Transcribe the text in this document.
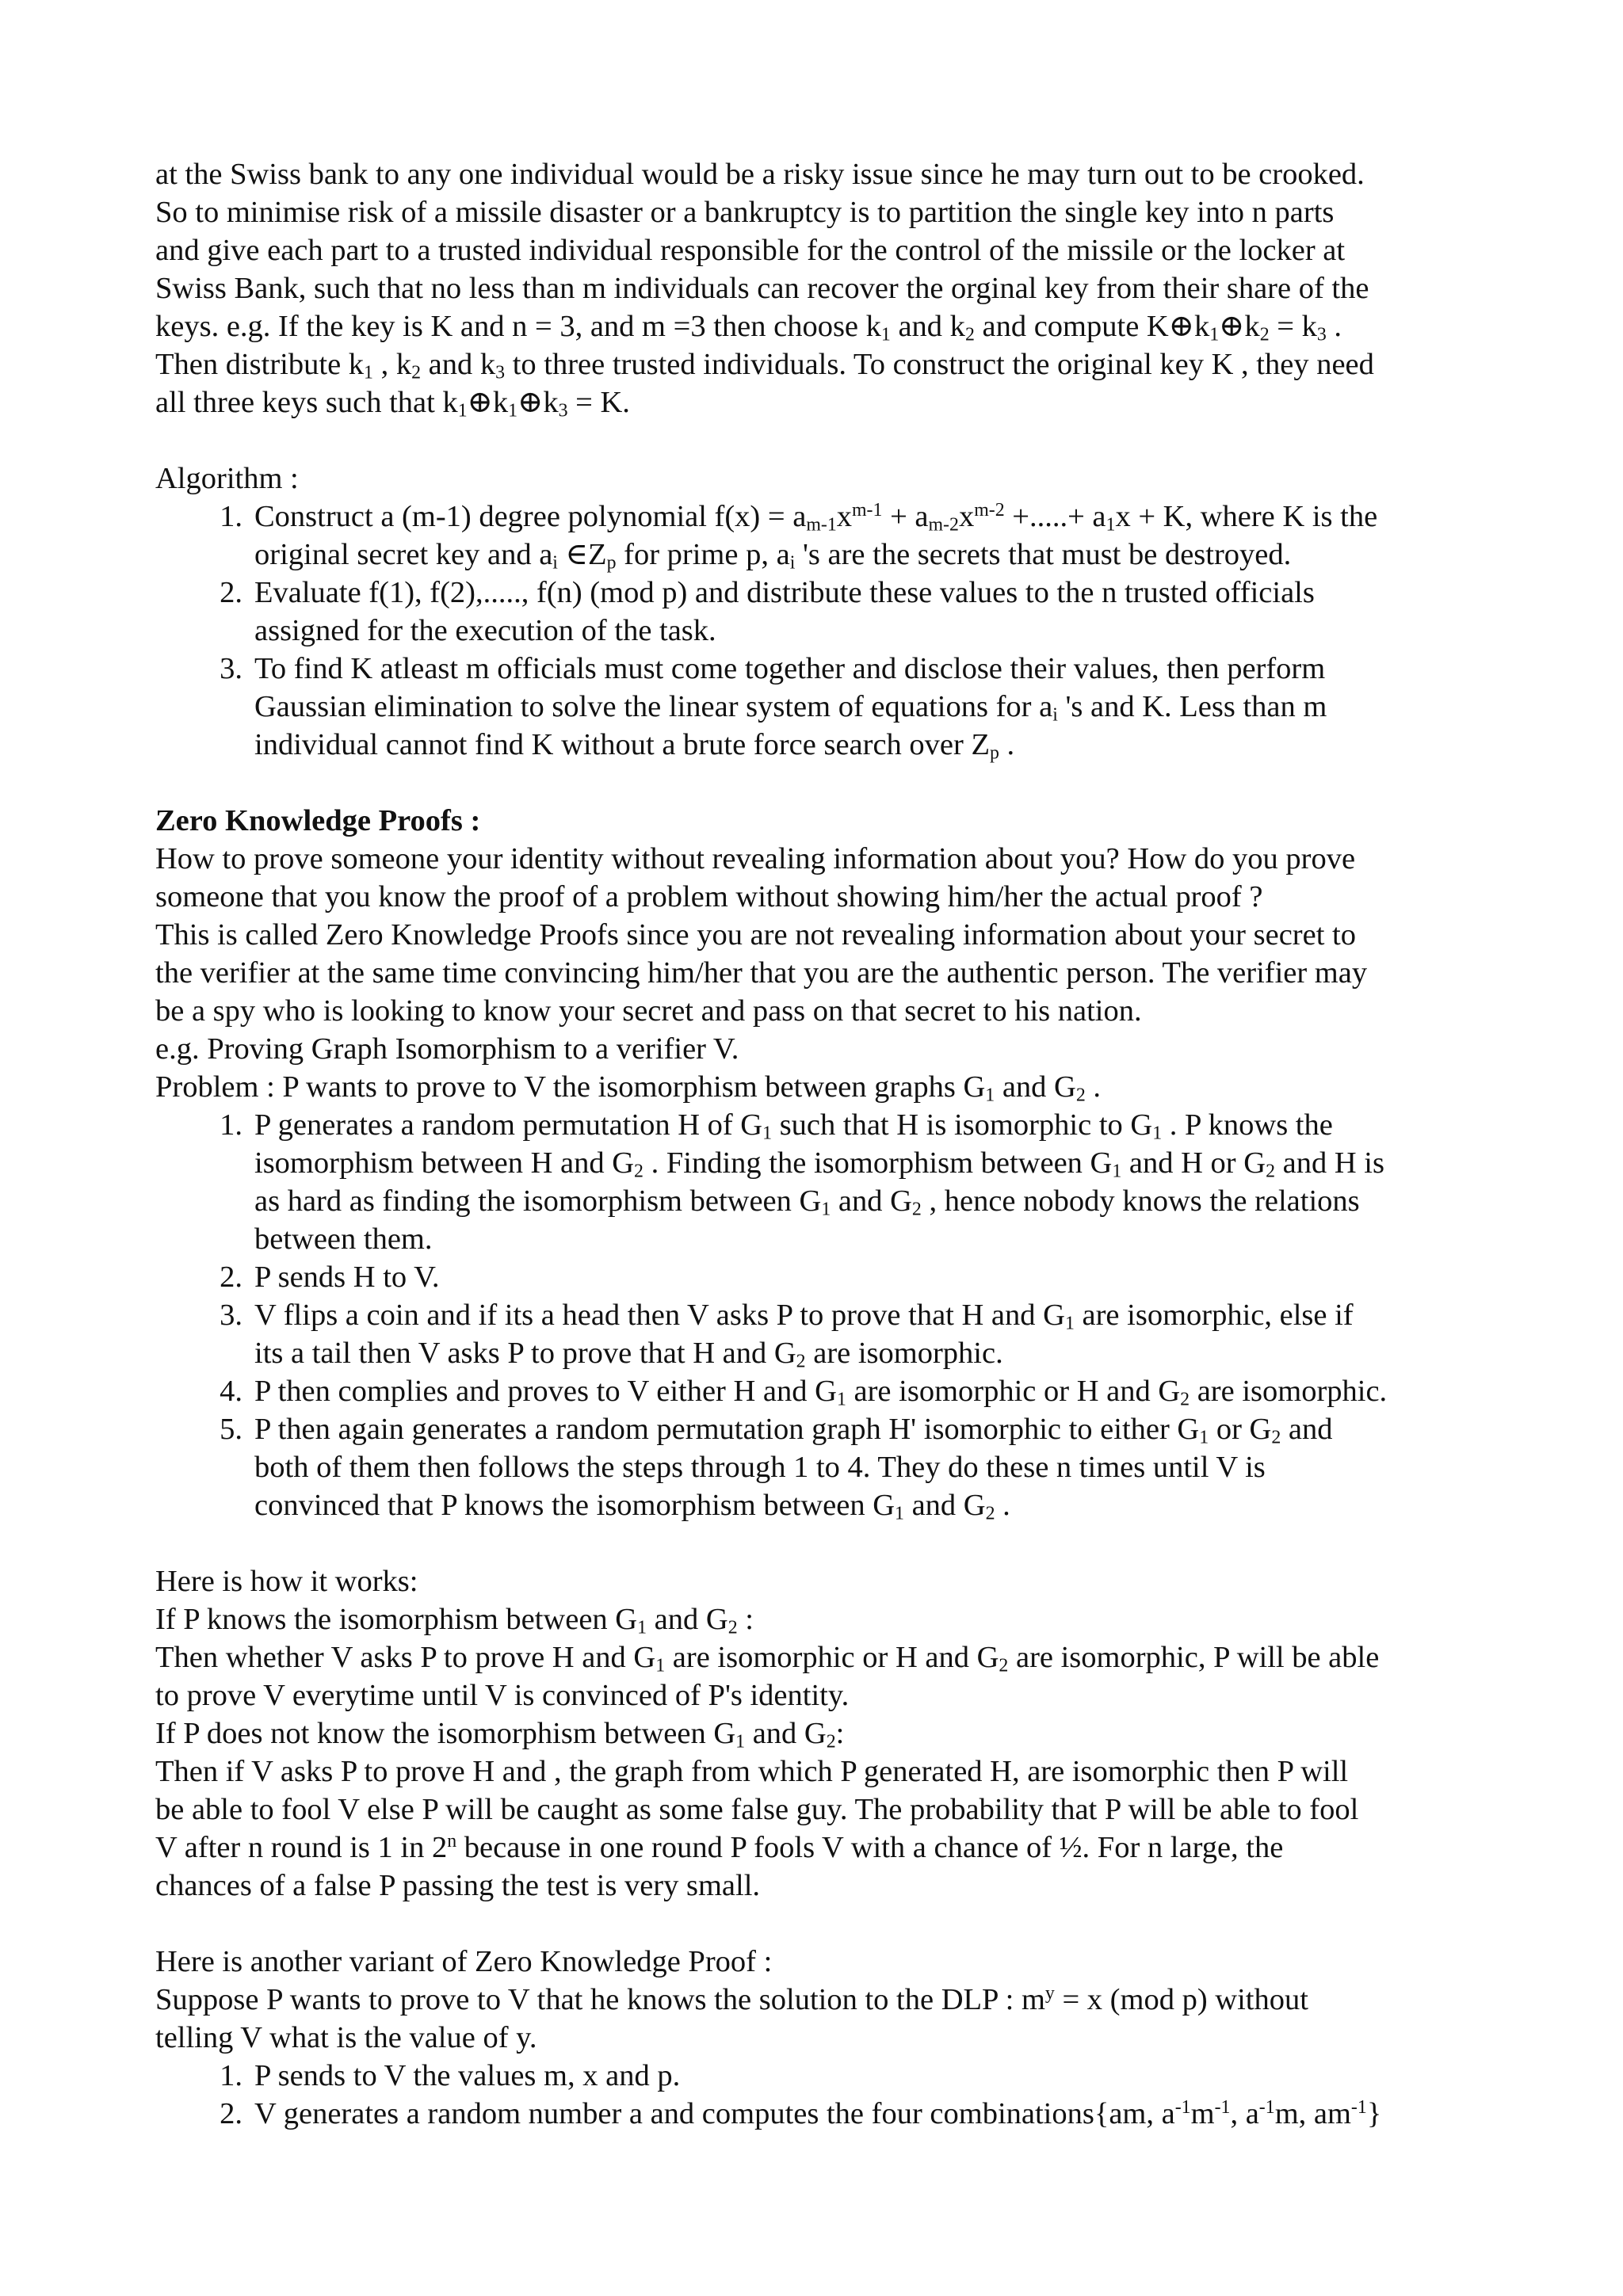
at the Swiss bank to any one individual would be a risky issue since he may turn out to be crooked.

So to minimise risk of a missile disaster or a bankruptcy is to partition the single key into n parts

and give each part to a trusted individual responsible for the control of the missile or the locker at

Swiss Bank, such that no less than m individuals can recover the orginal key from their share of the

keys. e.g. If the key is K and n = 3, and m =3 then choose $k_1$ and $k_2$ and compute $K\oplus k_1\oplus k_2 = k_3$ .

Then distribute $k_1$ , $k_2$ and $k_3$ to three trusted individuals. To construct the original key K , they need

all three keys such that $k_1\oplus k_1\oplus k_3 = K$.

Algorithm :

1. Construct a (m-1) degree polynomial $f(x) = a_{m-1}x^{m-1} + a_{m-2}x^{m-2}$ +.....+ $a_1x + K$, where K is the
original secret key and $a_i$ $\in Z_p$ for prime p, $a_i$ 's are the secrets that must be destroyed.
2. Evaluate f(1), f(2),....., f(n) (mod p) and distribute these values to the n trusted officials
assigned for the execution of the task.
3. To find K atleast m officials must come together and disclose their values, then perform
Gaussian elimination to solve the linear system of equations for $a_i$ 's and K. Less than m
individual cannot find K without a brute force search over $Z_p$ .

Zero Knowledge Proofs :

How to prove someone your identity without revealing information about you? How do you prove

someone that you know the proof of a problem without showing him/her the actual proof ?

This is called Zero Knowledge Proofs since you are not revealing information about your secret to

the verifier at the same time convincing him/her that you are the authentic person. The verifier may

be a spy who is looking to know your secret and pass on that secret to his nation.

e.g. Proving Graph Isomorphism to a verifier V.

Problem : P wants to prove to V the isomorphism between graphs $G_1$ and $G_2$ .

1. P generates a random permutation H of $G_1$ such that H is isomorphic to $G_1$ . P knows the
isomorphism between H and $G_2$ . Finding the isomorphism between $G_1$ and H or $G_2$ and H is
as hard as finding the isomorphism between $G_1$ and $G_2$ , hence nobody knows the relations
between them.
2. P sends H to V.
3. V flips a coin and if its a head then V asks P to prove that H and $G_1$ are isomorphic, else if
its a tail then V asks P to prove that H and $G_2$ are isomorphic.
4. P then complies and proves to V either H and $G_1$ are isomorphic or H and $G_2$ are isomorphic.
5. P then again generates a random permutation graph H' isomorphic to either $G_1$ or $G_2$ and
both of them then follows the steps through 1 to 4. They do these n times until V is
convinced that P knows the isomorphism between $G_1$ and $G_2$ .

Here is how it works:

If P knows the isomorphism between $G_1$ and $G_2$ :

Then whether V asks P to prove H and $G_1$ are isomorphic or H and $G_2$ are isomorphic, P will be able

to prove V everytime until V is convinced of P's identity.

If P does not know the isomorphism between $G_1$ and $G_2$:

Then if V asks P to prove H and , the graph from which P generated H, are isomorphic then P will

be able to fool V else P will be caught as some false guy. The probability that P will be able to fool

V after n round is 1 in 2$^n$ because in one round P fools V with a chance of ½. For n large, the

chances of a false P passing the test is very small.

Here is another variant of Zero Knowledge Proof :

Suppose P wants to prove to V that he knows the solution to the DLP : $m^y = x$ (mod p) without

telling V what is the value of y.

1. P sends to V the values m, x and p.
2. V generates a random number a and computes the four combinations{am, $a^{-1}m^{-1}$, $a^{-1}m$, $am^{-1}$}
